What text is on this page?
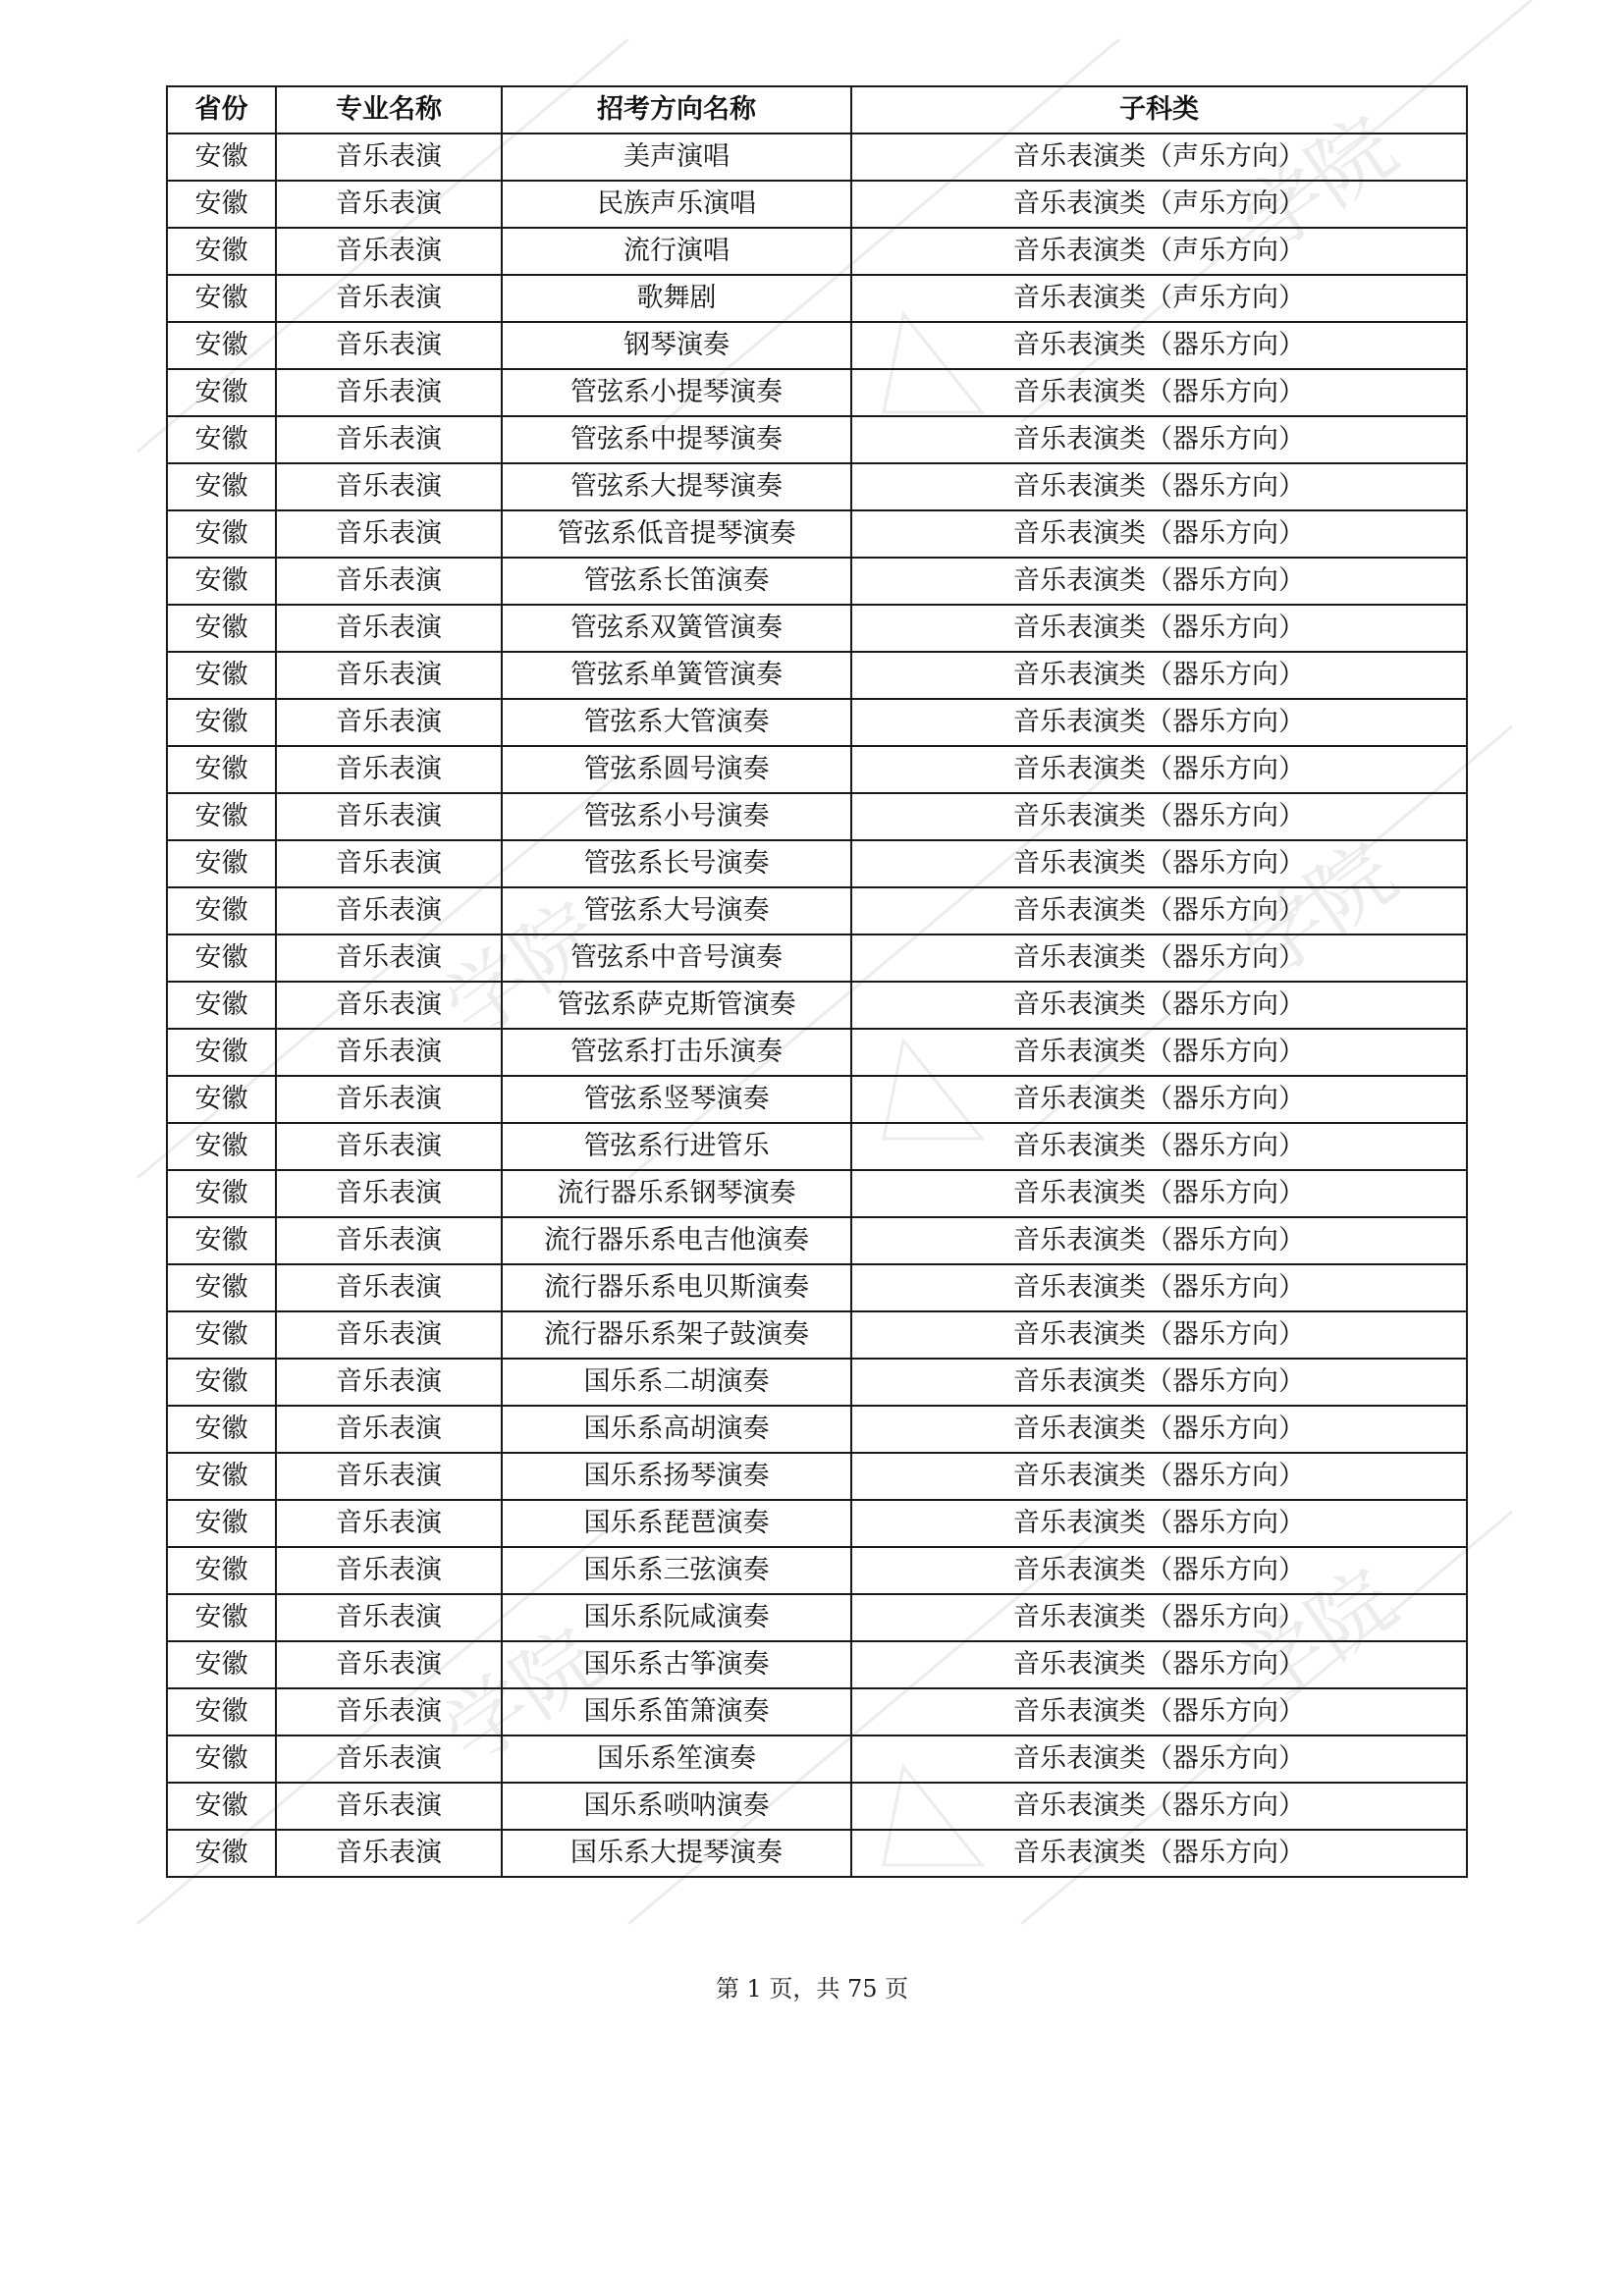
学院
学院
学院
学院
学院
省份	专业名称	招考方向名称	子科类
安徽	音乐表演	美声演唱	音乐表演类（声乐方向）
安徽	音乐表演	民族声乐演唱	音乐表演类（声乐方向）
安徽	音乐表演	流行演唱	音乐表演类（声乐方向）
安徽	音乐表演	歌舞剧	音乐表演类（声乐方向）
安徽	音乐表演	钢琴演奏	音乐表演类（器乐方向）
安徽	音乐表演	管弦系小提琴演奏	音乐表演类（器乐方向）
安徽	音乐表演	管弦系中提琴演奏	音乐表演类（器乐方向）
安徽	音乐表演	管弦系大提琴演奏	音乐表演类（器乐方向）
安徽	音乐表演	管弦系低音提琴演奏	音乐表演类（器乐方向）
安徽	音乐表演	管弦系长笛演奏	音乐表演类（器乐方向）
安徽	音乐表演	管弦系双簧管演奏	音乐表演类（器乐方向）
安徽	音乐表演	管弦系单簧管演奏	音乐表演类（器乐方向）
安徽	音乐表演	管弦系大管演奏	音乐表演类（器乐方向）
安徽	音乐表演	管弦系圆号演奏	音乐表演类（器乐方向）
安徽	音乐表演	管弦系小号演奏	音乐表演类（器乐方向）
安徽	音乐表演	管弦系长号演奏	音乐表演类（器乐方向）
安徽	音乐表演	管弦系大号演奏	音乐表演类（器乐方向）
安徽	音乐表演	管弦系中音号演奏	音乐表演类（器乐方向）
安徽	音乐表演	管弦系萨克斯管演奏	音乐表演类（器乐方向）
安徽	音乐表演	管弦系打击乐演奏	音乐表演类（器乐方向）
安徽	音乐表演	管弦系竖琴演奏	音乐表演类（器乐方向）
安徽	音乐表演	管弦系行进管乐	音乐表演类（器乐方向）
安徽	音乐表演	流行器乐系钢琴演奏	音乐表演类（器乐方向）
安徽	音乐表演	流行器乐系电吉他演奏	音乐表演类（器乐方向）
安徽	音乐表演	流行器乐系电贝斯演奏	音乐表演类（器乐方向）
安徽	音乐表演	流行器乐系架子鼓演奏	音乐表演类（器乐方向）
安徽	音乐表演	国乐系二胡演奏	音乐表演类（器乐方向）
安徽	音乐表演	国乐系高胡演奏	音乐表演类（器乐方向）
安徽	音乐表演	国乐系扬琴演奏	音乐表演类（器乐方向）
安徽	音乐表演	国乐系琵琶演奏	音乐表演类（器乐方向）
安徽	音乐表演	国乐系三弦演奏	音乐表演类（器乐方向）
安徽	音乐表演	国乐系阮咸演奏	音乐表演类（器乐方向）
安徽	音乐表演	国乐系古筝演奏	音乐表演类（器乐方向）
安徽	音乐表演	国乐系笛箫演奏	音乐表演类（器乐方向）
安徽	音乐表演	国乐系笙演奏	音乐表演类（器乐方向）
安徽	音乐表演	国乐系唢呐演奏	音乐表演类（器乐方向）
安徽	音乐表演	国乐系大提琴演奏	音乐表演类（器乐方向）
第 1 页，共 75 页
